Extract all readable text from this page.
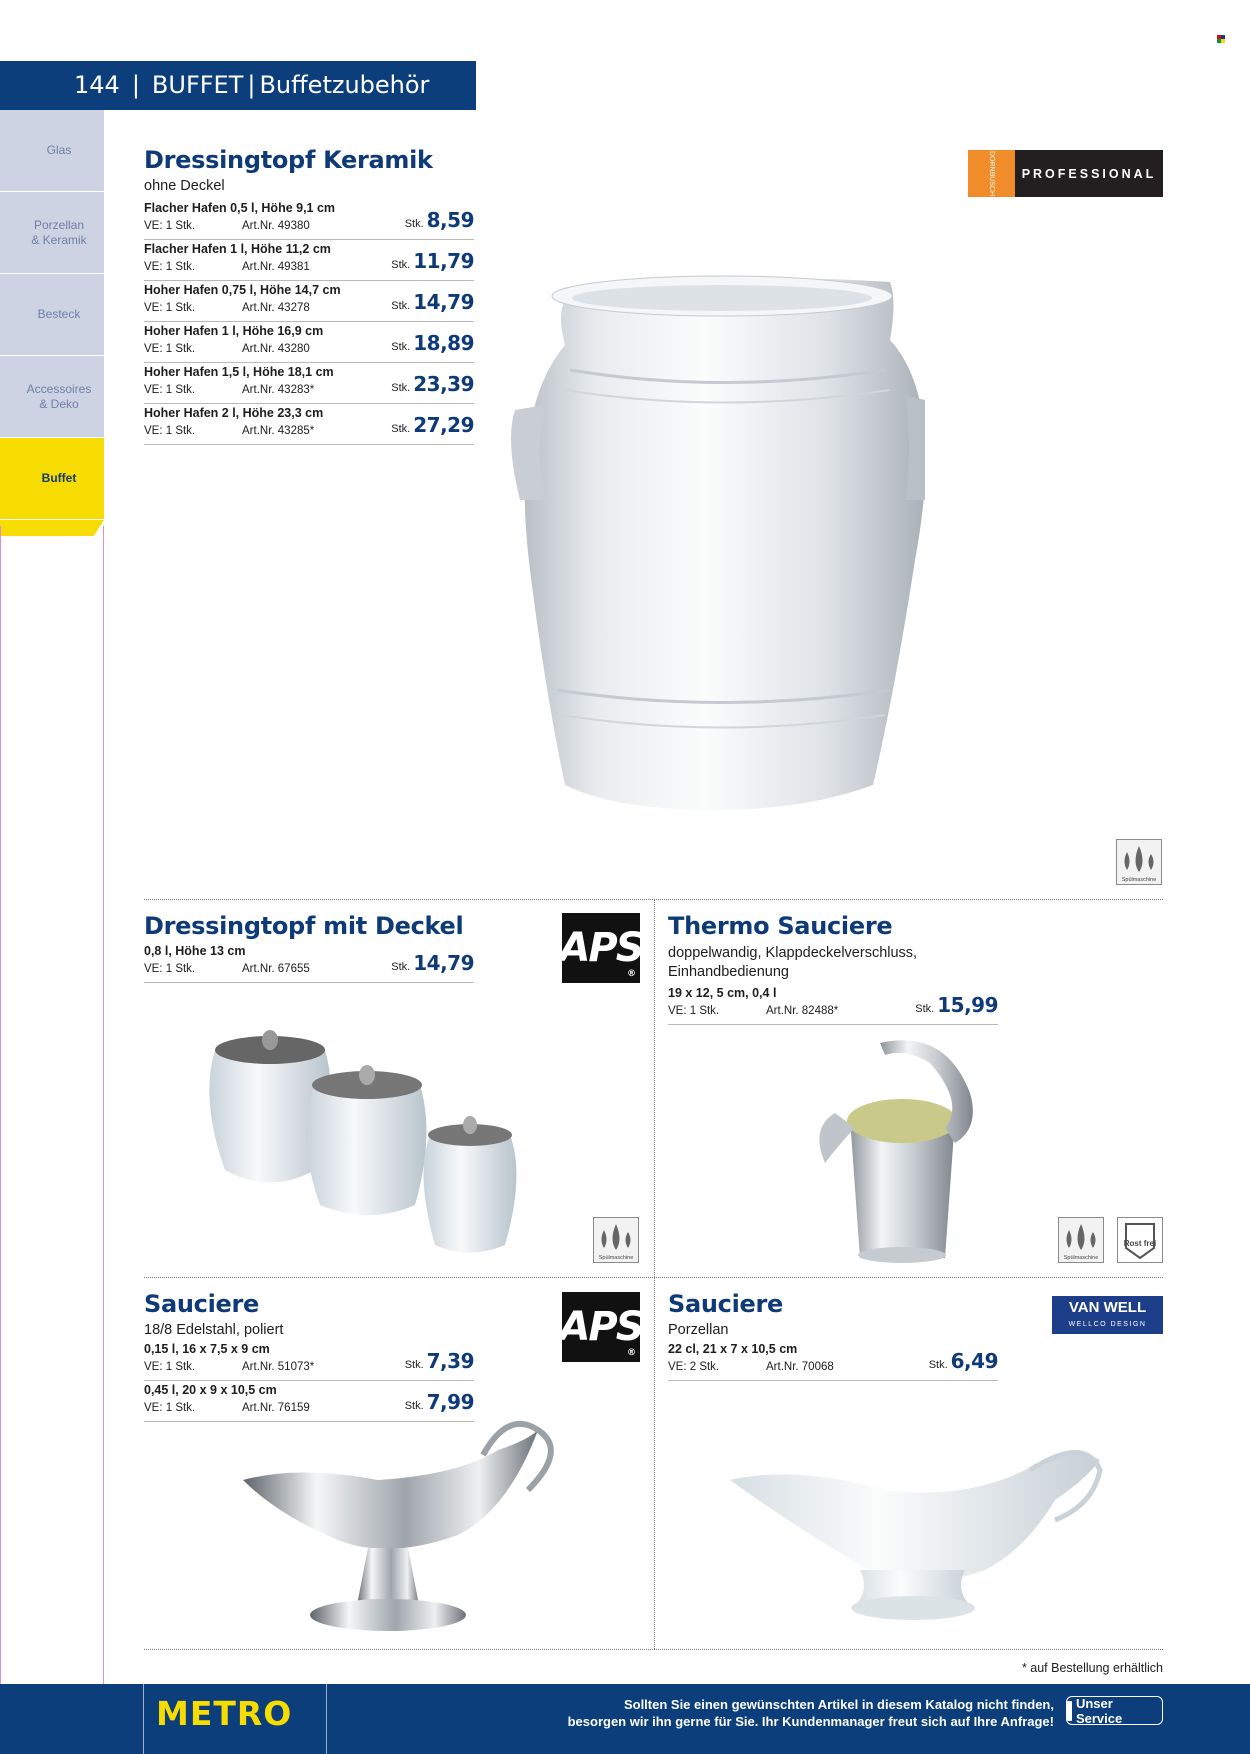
144 | BUFFET | Buffetzubehör
Glas
Porzellan
& Keramik
Besteck
Accessoires
& Deko
Buffet
Dressingtopf Keramik
ohne Deckel
Flacher Hafen 0,5 l, Höhe 9,1 cm
VE: 1 Stk.	Art.Nr. 49380	Stk. 8,59
Flacher Hafen 1 l, Höhe 11,2 cm
VE: 1 Stk.	Art.Nr. 49381	Stk. 11,79
Hoher Hafen 0,75 l, Höhe 14,7 cm
VE: 1 Stk.	Art.Nr. 43278	Stk. 14,79
Hoher Hafen 1 l, Höhe 16,9 cm
VE: 1 Stk.	Art.Nr. 43280	Stk. 18,89
Hoher Hafen 1,5 l, Höhe 18,1 cm
VE: 1 Stk.	Art.Nr. 43283*	Stk. 23,39
Hoher Hafen 2 l, Höhe 23,3 cm
VE: 1 Stk.	Art.Nr. 43285*	Stk. 27,29
DORNBUSCH	PROFESSIONAL
Spülmaschine
Dressingtopf mit Deckel
0,8 l, Höhe 13 cm
VE: 1 Stk.	Art.Nr. 67655	Stk. 14,79 APS
®
Spülmaschine
Thermo Sauciere
doppelwandig, Klappdeckelverschluss,
Einhandbedienung
19 x 12, 5 cm, 0,4 l
VE: 1 Stk.	Art.Nr. 82488*	Stk. 15,99
Spülmaschine
Rost frei
Sauciere
18/8 Edelstahl, poliert
0,15 l, 16 x 7,5 x 9 cm
VE: 1 Stk.	Art.Nr. 51073*	Stk. 7,39
0,45 l, 20 x 9 x 10,5 cm
VE: 1 Stk.	Art.Nr. 76159	Stk. 7,99
APS
®
Sauciere
Porzellan
22 cl, 21 x 7 x 10,5 cm
VE: 2 Stk.	Art.Nr. 70068	Stk. 6,49
VAN WELL
WELLCO DESIGN
* auf Bestellung erhältlich
METRO	Sollten Sie einen gewünschten Artikel in diesem Katalog nicht finden,
besorgen wir ihn gerne für Sie. Ihr Kundenmanager freut sich auf Ihre Anfrage!
Unser Service
